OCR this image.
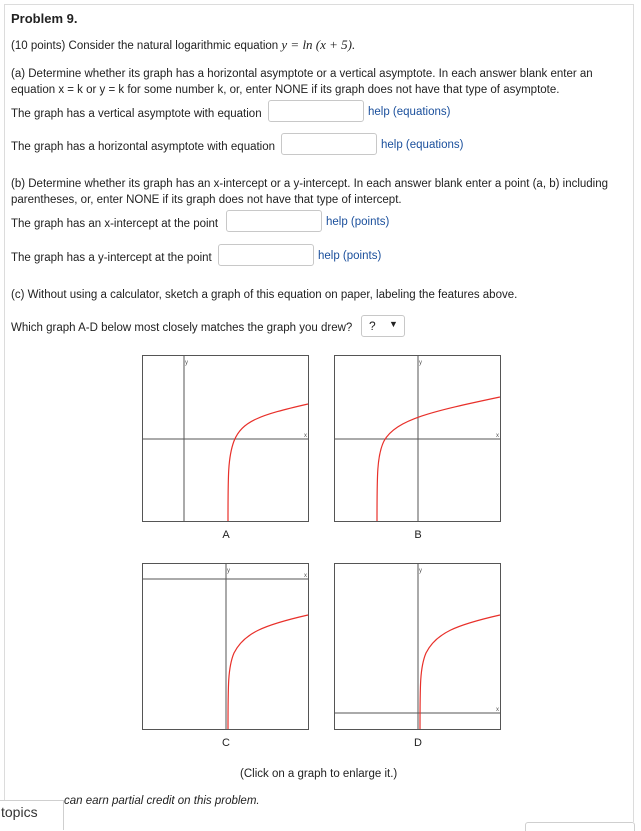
Problem 9.
(10 points) Consider the natural logarithmic equation y = ln (x + 5).
(a) Determine whether its graph has a horizontal asymptote or a vertical asymptote. In each answer blank enter an
equation x = k or y = k for some number k, or, enter NONE if its graph does not have that type of asymptote.
The graph has a vertical asymptote with equation	help (equations)
The graph has a horizontal asymptote with equation	help (equations)
(b) Determine whether its graph has an x-intercept or a y-intercept. In each answer blank enter a point (a, b) including
parentheses, or, enter NONE if its graph does not have that type of intercept.
The graph has an x-intercept at the point	help (points)
The graph has a y-intercept at the point	help (points)
(c) Without using a calculator, sketch a graph of this equation on paper, labeling the features above.
Which graph A-D below most closely matches the graph you drew? ? ▼
y
x
A
y
x
B
y
x
C
y
x
D
(Click on a graph to enlarge it.)
can earn partial credit on this problem.
topics
